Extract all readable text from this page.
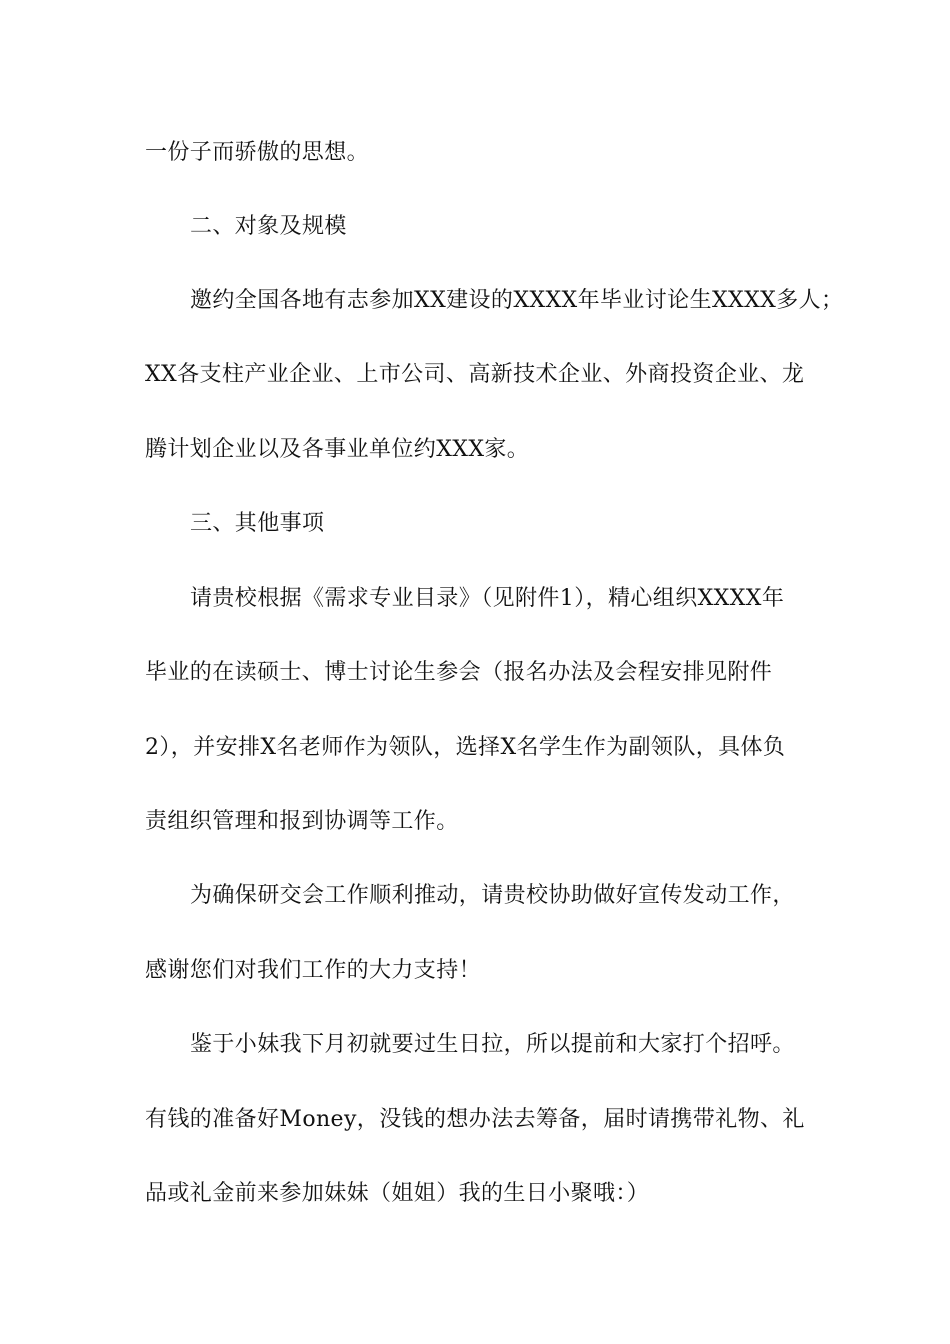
一份子而骄傲的思想。
二、对象及规模
邀约全国各地有志参加XX建设的XXXX年毕业讨论生XXXX多人；
XX各支柱产业企业、上市公司、高新技术企业、外商投资企业、龙
腾计划企业以及各事业单位约XXX家。
三、其他事项
请贵校根据《需求专业目录》（见附件1），精心组织XXXX年
毕业的在读硕士、博士讨论生参会（报名办法及会程安排见附件
2），并安排X名老师作为领队，选择X名学生作为副领队，具体负
责组织管理和报到协调等工作。
为确保研交会工作顺利推动，请贵校协助做好宣传发动工作，
感谢您们对我们工作的大力支持！
鉴于小妹我下月初就要过生日拉，所以提前和大家打个招呼。
有钱的准备好Money，没钱的想办法去筹备，届时请携带礼物、礼
品或礼金前来参加妹妹（姐姐）我的生日小聚哦：）
